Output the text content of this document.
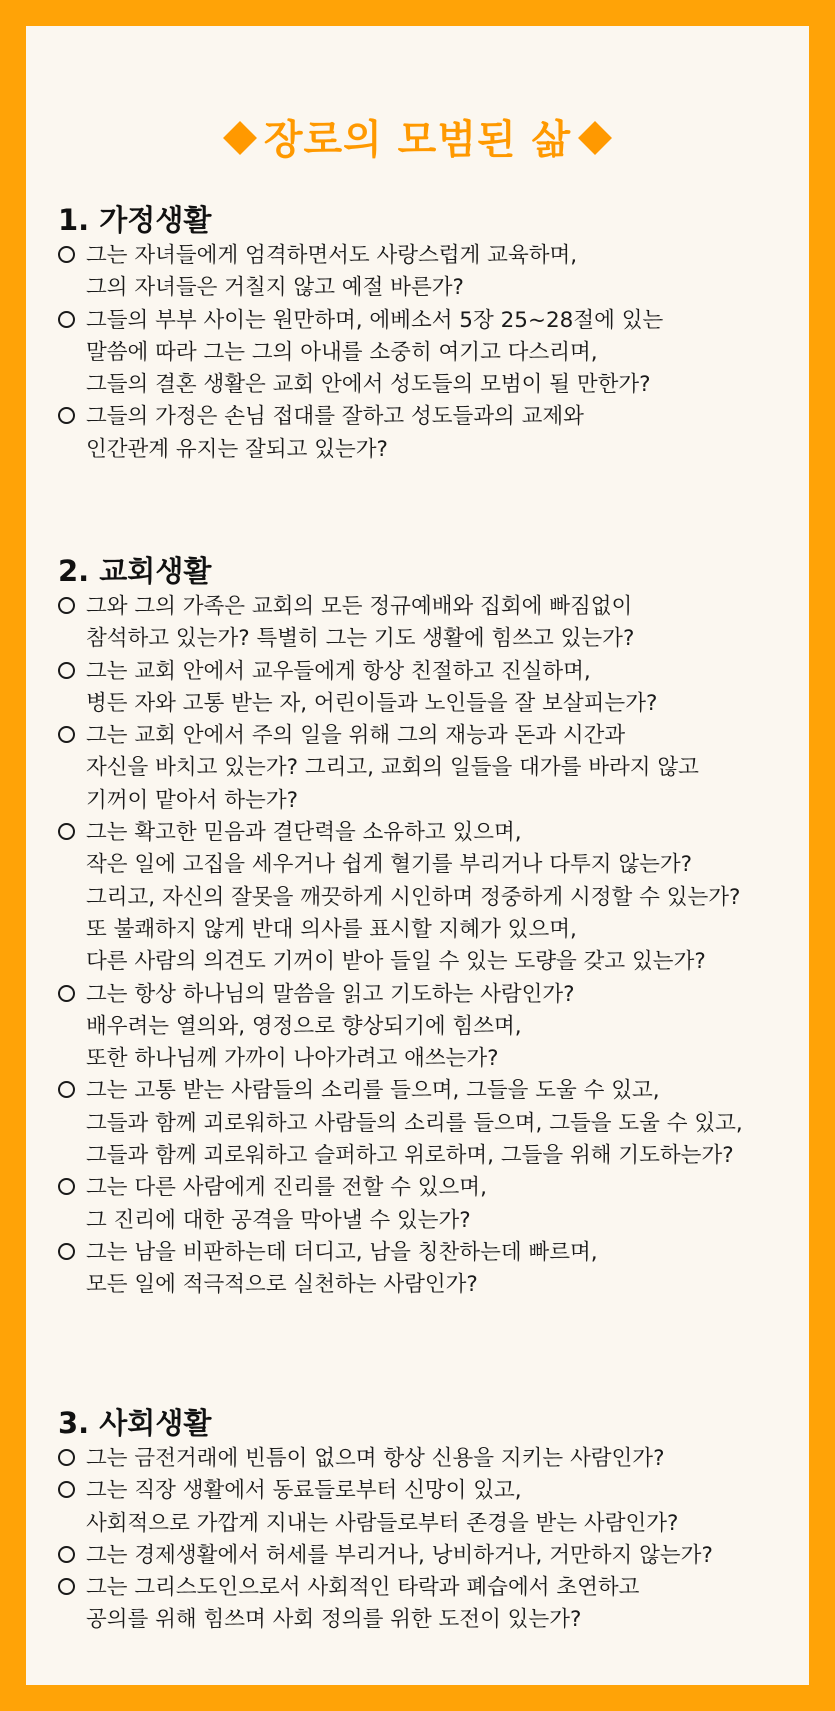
장로의 모범된 삶
1. 가정생활
그는 자녀들에게 엄격하면서도 사랑스럽게 교육하며,
그의 자녀들은 거칠지 않고 예절 바른가?
그들의 부부 사이는 원만하며, 에베소서 5장 25~28절에 있는
말씀에 따라 그는 그의 아내를 소중히 여기고 다스리며,
그들의 결혼 생활은 교회 안에서 성도들의 모범이 될 만한가?
그들의 가정은 손님 접대를 잘하고 성도들과의 교제와
인간관계 유지는 잘되고 있는가?
2. 교회생활
그와 그의 가족은 교회의 모든 정규예배와 집회에 빠짐없이
참석하고 있는가? 특별히 그는 기도 생활에 힘쓰고 있는가?
그는 교회 안에서 교우들에게 항상 친절하고 진실하며,
병든 자와 고통 받는 자, 어린이들과 노인들을 잘 보살피는가?
그는 교회 안에서 주의 일을 위해 그의 재능과 돈과 시간과
자신을 바치고 있는가? 그리고, 교회의 일들을 대가를 바라지 않고
기꺼이 맡아서 하는가?
그는 확고한 믿음과 결단력을 소유하고 있으며,
작은 일에 고집을 세우거나 쉽게 혈기를 부리거나 다투지 않는가?
그리고, 자신의 잘못을 깨끗하게 시인하며 정중하게 시정할 수 있는가?
또 불쾌하지 않게 반대 의사를 표시할 지혜가 있으며,
다른 사람의 의견도 기꺼이 받아 들일 수 있는 도량을 갖고 있는가?
그는 항상 하나님의 말씀을 읽고 기도하는 사람인가?
배우려는 열의와, 영정으로 향상되기에 힘쓰며,
또한 하나님께 가까이 나아가려고 애쓰는가?
그는 고통 받는 사람들의 소리를 들으며, 그들을 도울 수 있고,
그들과 함께 괴로워하고 사람들의 소리를 들으며, 그들을 도울 수 있고,
그들과 함께 괴로워하고 슬퍼하고 위로하며, 그들을 위해 기도하는가?
그는 다른 사람에게 진리를 전할 수 있으며,
그 진리에 대한 공격을 막아낼 수 있는가?
그는 남을 비판하는데 더디고, 남을 칭찬하는데 빠르며,
모든 일에 적극적으로 실천하는 사람인가?
3. 사회생활
그는 금전거래에 빈틈이 없으며 항상 신용을 지키는 사람인가?
그는 직장 생활에서 동료들로부터 신망이 있고,
사회적으로 가깝게 지내는 사람들로부터 존경을 받는 사람인가?
그는 경제생활에서 허세를 부리거나, 낭비하거나, 거만하지 않는가?
그는 그리스도인으로서 사회적인 타락과 폐습에서 초연하고
공의를 위해 힘쓰며 사회 정의를 위한 도전이 있는가?
